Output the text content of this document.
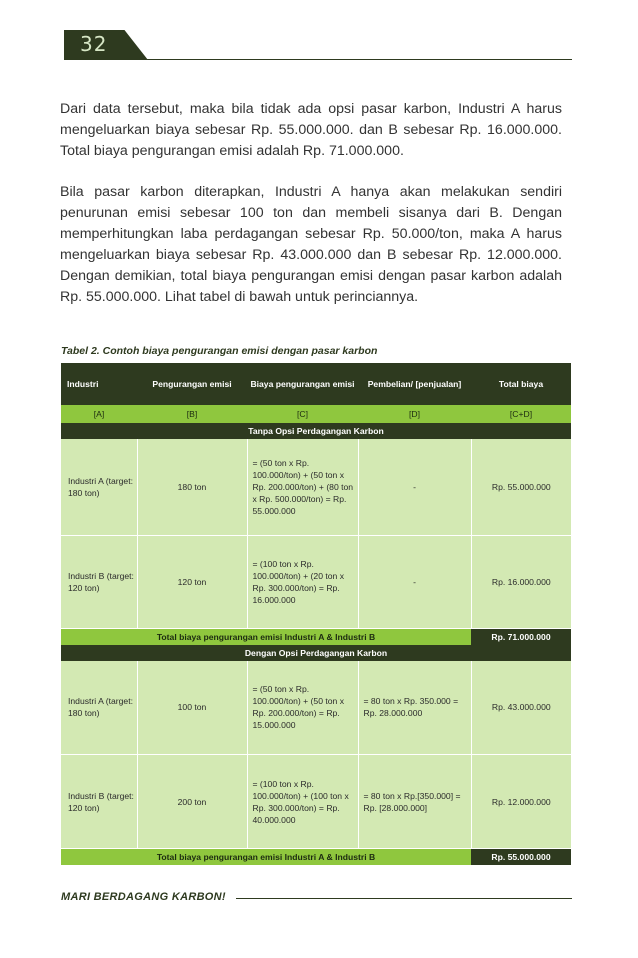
32

Dari data tersebut, maka bila tidak ada opsi pasar karbon, Industri A harus mengeluarkan biaya sebesar Rp. 55.000.000. dan B sebesar Rp. 16.000.000. Total biaya pengurangan emisi adalah Rp. 71.000.000.

Bila pasar karbon diterapkan, Industri A hanya akan melakukan sendiri penurunan emisi sebesar 100 ton dan membeli sisanya dari B. Dengan memperhitungkan laba perdagangan sebesar Rp. 50.000/ton, maka A harus mengeluarkan biaya sebesar Rp. 43.000.000 dan B sebesar Rp. 12.000.000. Dengan demikian, total biaya pengurangan emisi dengan pasar karbon adalah Rp. 55.000.000. Lihat tabel di bawah untuk perinciannya.

Tabel 2. Contoh biaya pengurangan emisi dengan pasar karbon
Industri	Pengurangan emisi	Biaya pengurangan emisi	Pembelian/ [penjualan]	Total biaya
[A]	[B]	[C]	[D]	[C+D]
Tanpa Opsi Perdagangan Karbon				
Industri A (target: 180 ton)	180 ton	= (50 ton x Rp. 100.000/ton) + (50 ton x Rp. 200.000/ton) + (80 ton x Rp. 500.000/ton) = Rp. 55.000.000	-	Rp. 55.000.000
Industri B (target: 120 ton)	120 ton	= (100 ton x Rp. 100.000/ton) + (20 ton x Rp. 300.000/ton) = Rp. 16.000.000	-	Rp. 16.000.000
Total biaya pengurangan emisi Industri A & Industri B				Rp. 71.000.000
Dengan Opsi Perdagangan Karbon				
Industri A (target: 180 ton)	100 ton	= (50 ton x Rp. 100.000/ton) + (50 ton x Rp. 200.000/ton) = Rp. 15.000.000	= 80 ton x Rp. 350.000 = Rp. 28.000.000	Rp. 43.000.000
Industri B (target: 120 ton)	200 ton	= (100 ton x Rp. 100.000/ton) + (100 ton x Rp. 300.000/ton) = Rp. 40.000.000	= 80 ton x Rp.[350.000] = Rp. [28.000.000]	Rp. 12.000.000
Total biaya pengurangan emisi Industri A & Industri B				Rp. 55.000.000
MARI BERDAGANG KARBON!
